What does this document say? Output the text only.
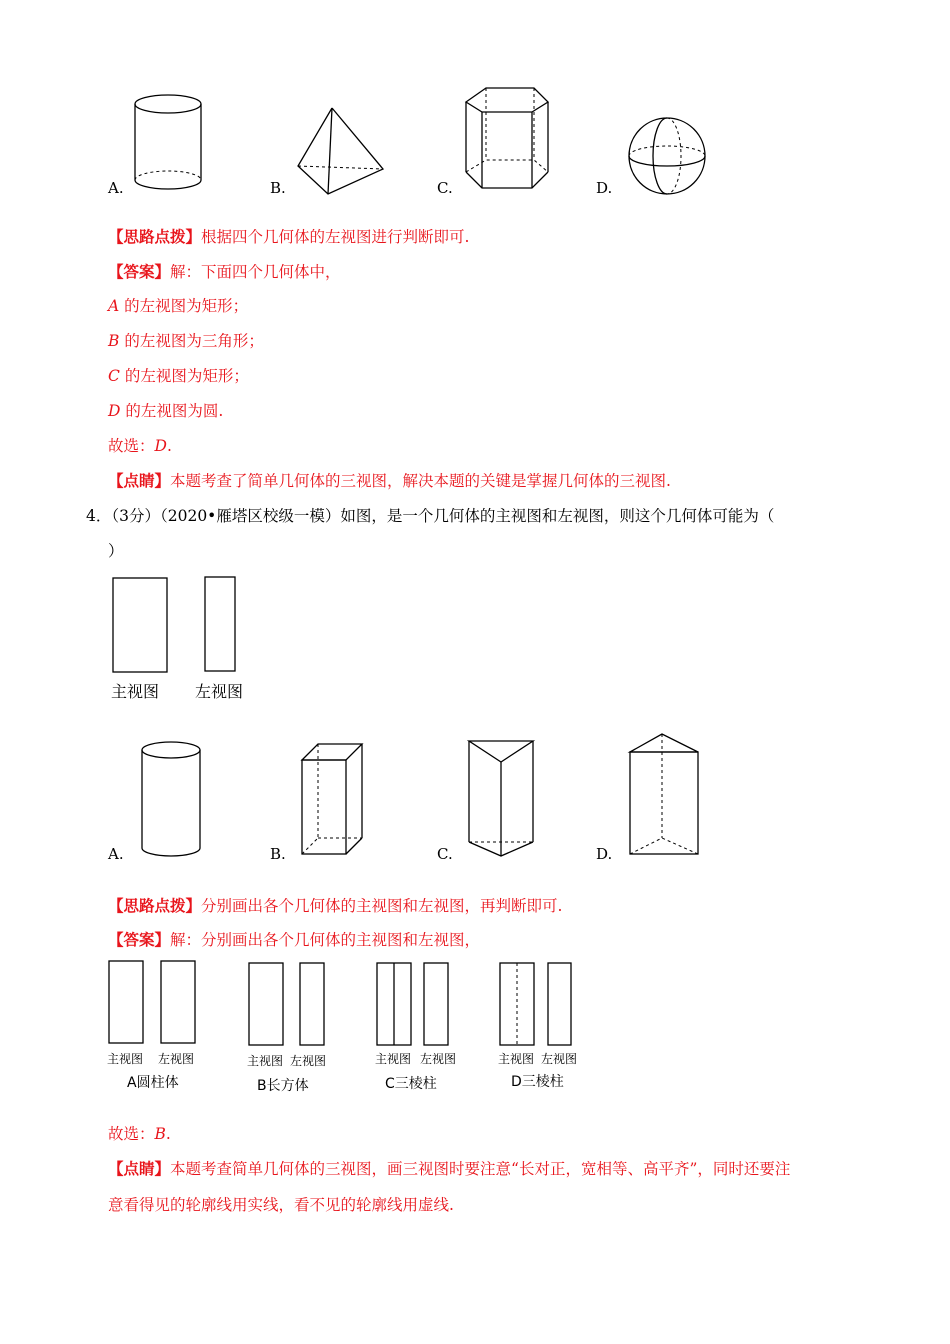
A.	B.	C.	D.
【思路点拨】根据四个几何体的左视图进行判断即可.
【答案】解：下面四个几何体中，
A 的左视图为矩形；
B 的左视图为三角形；
C 的左视图为矩形；
D 的左视图为圆.
故选：D.
【点睛】本题考查了简单几何体的三视图，解决本题的关键是掌握几何体的三视图.
4．（3分）（2020•雁塔区校级一模）如图，是一个几何体的主视图和左视图，则这个几何体可能为（
）
主视图 左视图
A.	B.	C.	D.
【思路点拨】分别画出各个几何体的主视图和左视图，再判断即可.
【答案】解：分别画出各个几何体的主视图和左视图，
主视图 左视图
A圆柱体
主视图 左视图
B长方体
主视图 左视图
C三棱柱
主视图 左视图
D三棱柱
故选：B.
【点睛】本题考查简单几何体的三视图，画三视图时要注意“长对正，宽相等、高平齐”，同时还要注
意看得见的轮廓线用实线，看不见的轮廓线用虚线.
